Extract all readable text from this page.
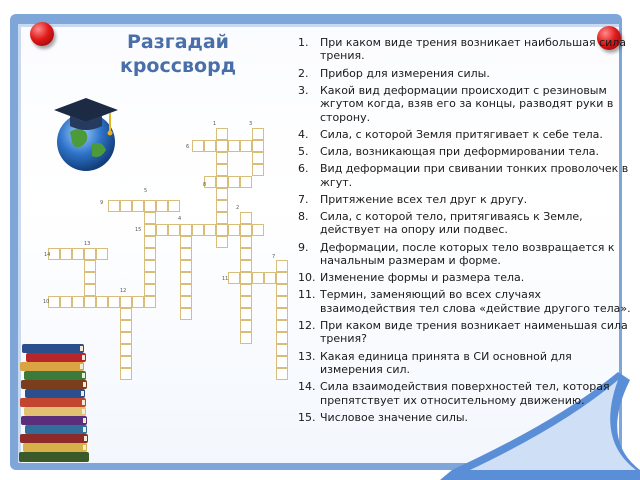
Разгадай
кроссворд
1
2
3
4
5
6
7
8
9
10
11
12
13
14
15
1. При каком виде трения возникает наибольшая сила трения.
2. Прибор для измерения силы.
3. Какой вид деформации происходит с резиновым жгутом когда, взяв его за концы, разводят руки в сторону.
4. Сила, с которой Земля притягивает к себе тела.
5. Сила, возникающая при деформировании тела.
6. Вид деформации при свивании тонких проволочек в жгут.
7. Притяжение всех тел друг к другу.
8. Сила, с которой тело, притягиваясь к Земле, действует на опору или подвес.
9. Деформации, после которых тело возвращается к начальным размерам и форме.
10. Изменение формы и размера тела.
11. Термин, заменяющий во всех случаях взаимодействия тел слова «действие другого тела».
12. При каком виде трения возникает наименьшая сила трения?
13. Какая единица принята в СИ основной для измерения сил.
14. Сила взаимодействия поверхностей тел, которая препятствует их относительному движению.
15. Числовое значение силы.
